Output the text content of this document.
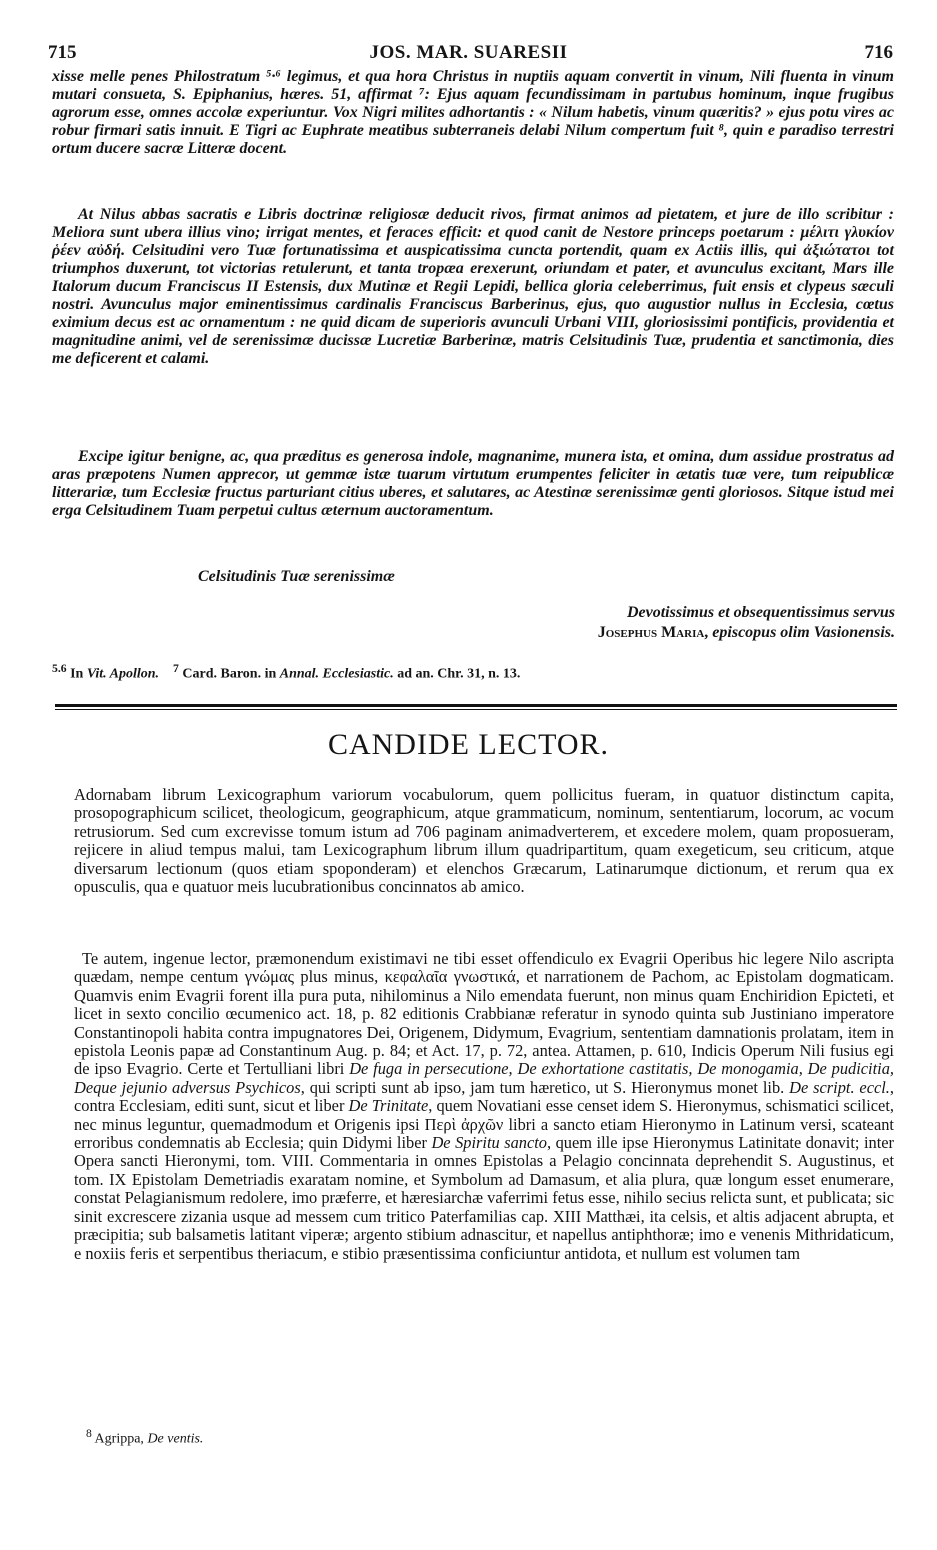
715	JOS. MAR. SUARESII	716

xisse melle penes Philostratum ⁵·⁶ legimus, et qua hora Christus in nuptiis aquam convertit in vinum, Nili fluenta in vinum mutari consueta, S. Epiphanius, hæres. 51, affirmat ⁷: Ejus aquam fecundissimam in partubus hominum, inque frugibus agrorum esse, omnes accolæ experiuntur. Vox Nigri milites adhortantis : « Nilum habetis, vinum quæritis? » ejus potu vires ac robur firmari satis innuit. E Tigri ac Euphrate meatibus subterraneis delabi Nilum compertum fuit ⁸, quin e paradiso terrestri ortum ducere sacræ Litteræ docent.

At Nilus abbas sacratis e Libris doctrinæ religiosæ deducit rivos, firmat animos ad pietatem, et jure de illo scribitur : Meliora sunt ubera illius vino; irrigat mentes, et feraces efficit: et quod canit de Nestore princeps poetarum : μέλιτι γλυκίον ῥέεν αὐδή. Celsitudini vero Tuæ fortunatissima et auspicatissima cuncta portendit, quam ex Actiis illis, qui ἀξιώτατοι tot triumphos duxerunt, tot victorias retulerunt, et tanta tropæa erexerunt, oriundam et pater, et avunculus excitant, Mars ille Italorum ducum Franciscus II Estensis, dux Mutinæ et Regii Lepidi, bellica gloria celeberrimus, fuit ensis et clypeus sæculi nostri. Avunculus major eminentissimus cardinalis Franciscus Barberinus, ejus, quo augustior nullus in Ecclesia, cœtus eximium decus est ac ornamentum : ne quid dicam de superioris avunculi Urbani VIII, gloriosissimi pontificis, providentia et magnitudine animi, vel de serenissimæ ducissæ Lucretiæ Barberinæ, matris Celsitudinis Tuæ, prudentia et sanctimonia, dies me deficerent et calami.

Excipe igitur benigne, ac, qua præditus es generosa indole, magnanime, munera ista, et omina, dum assidue prostratus ad aras præpotens Numen apprecor, ut gemmæ istæ tuarum virtutum erumpentes feliciter in ætatis tuæ vere, tum reipublicæ litterariæ, tum Ecclesiæ fructus parturiant citius uberes, et salutares, ac Atestinæ serenissimæ genti gloriosos. Sitque istud mei erga Celsitudinem Tuam perpetui cultus æternum auctoramentum.

Celsitudinis Tuæ serenissimæ
Devotissimus et obsequentissimus servus
Josephus Maria, episcopus olim Vasionensis.
$^{5.6}$ In Vit. Apollon. $^7$ Card. Baron. in Annal. Ecclesiastic. ad an. Chr. 31, n. 13.
CANDIDE LECTOR.

Adornabam librum Lexicographum variorum vocabulorum, quem pollicitus fueram, in quatuor distinctum capita, prosopographicum scilicet, theologicum, geographicum, atque grammaticum, nominum, sententiarum, locorum, ac vocum retrusiorum. Sed cum excrevisse tomum istum ad 706 paginam animadverterem, et excedere molem, quam proposueram, rejicere in aliud tempus malui, tam Lexicographum librum illum quadripartitum, quam exegeticum, seu criticum, atque diversarum lectionum (quos etiam spoponderam) et elenchos Græcarum, Latinarumque dictionum, et rerum qua ex opusculis, qua e quatuor meis lucubrationibus concinnatos ab amico.

Te autem, ingenue lector, præmonendum existimavi ne tibi esset offendiculo ex Evagrii Operibus hic legere Nilo ascripta quædam, nempe centum γνώμας plus minus, κεφαλαῖα γνωστικά, et narrationem de Pachom, ac Epistolam dogmaticam. Quamvis enim Evagrii forent illa pura puta, nihilominus a Nilo emendata fuerunt, non minus quam Enchiridion Epicteti, et licet in sexto concilio œcumenico act. 18, p. 82 editionis Crabbianæ referatur in synodo quinta sub Justiniano imperatore Constantinopoli habita contra impugnatores Dei, Origenem, Didymum, Evagrium, sententiam damnationis prolatam, item in epistola Leonis papæ ad Constantinum Aug. p. 84; et Act. 17, p. 72, antea. Attamen, p. 610, Indicis Operum Nili fusius egi de ipso Evagrio. Certe et Tertulliani libri De fuga in persecutione, De exhortatione castitatis, De monogamia, De pudicitia, Deque jejunio adversus Psychicos, qui scripti sunt ab ipso, jam tum hæretico, ut S. Hieronymus monet lib. De script. eccl., contra Ecclesiam, editi sunt, sicut et liber De Trinitate, quem Novatiani esse censet idem S. Hieronymus, schismatici scilicet, nec minus leguntur, quemadmodum et Origenis ipsi Περὶ ἀρχῶν libri a sancto etiam Hieronymo in Latinum versi, scateant erroribus condemnatis ab Ecclesia; quin Didymi liber De Spiritu sancto, quem ille ipse Hieronymus Latinitate donavit; inter Opera sancti Hieronymi, tom. VIII. Commentaria in omnes Epistolas a Pelagio concinnata deprehendit S. Augustinus, et tom. IX Epistolam Demetriadis exaratam nomine, et Symbolum ad Damasum, et alia plura, quæ longum esset enumerare, constat Pelagianismum redolere, imo præferre, et hæresiarchæ vaferrimi fetus esse, nihilo secius relicta sunt, et publicata; sic sinit excrescere zizania usque ad messem cum tritico Paterfamilias cap. XIII Matthæi, ita celsis, et altis adjacent abrupta, et præcipitia; sub balsametis latitant viperæ; argento stibium adnascitur, et napellus antiphthoræ; imo e venenis Mithridaticum, e noxiis feris et serpentibus theriacum, e stibio præsentissima conficiuntur antidota, et nullum est volumen tam

$^8$ Agrippa, De ventis.
